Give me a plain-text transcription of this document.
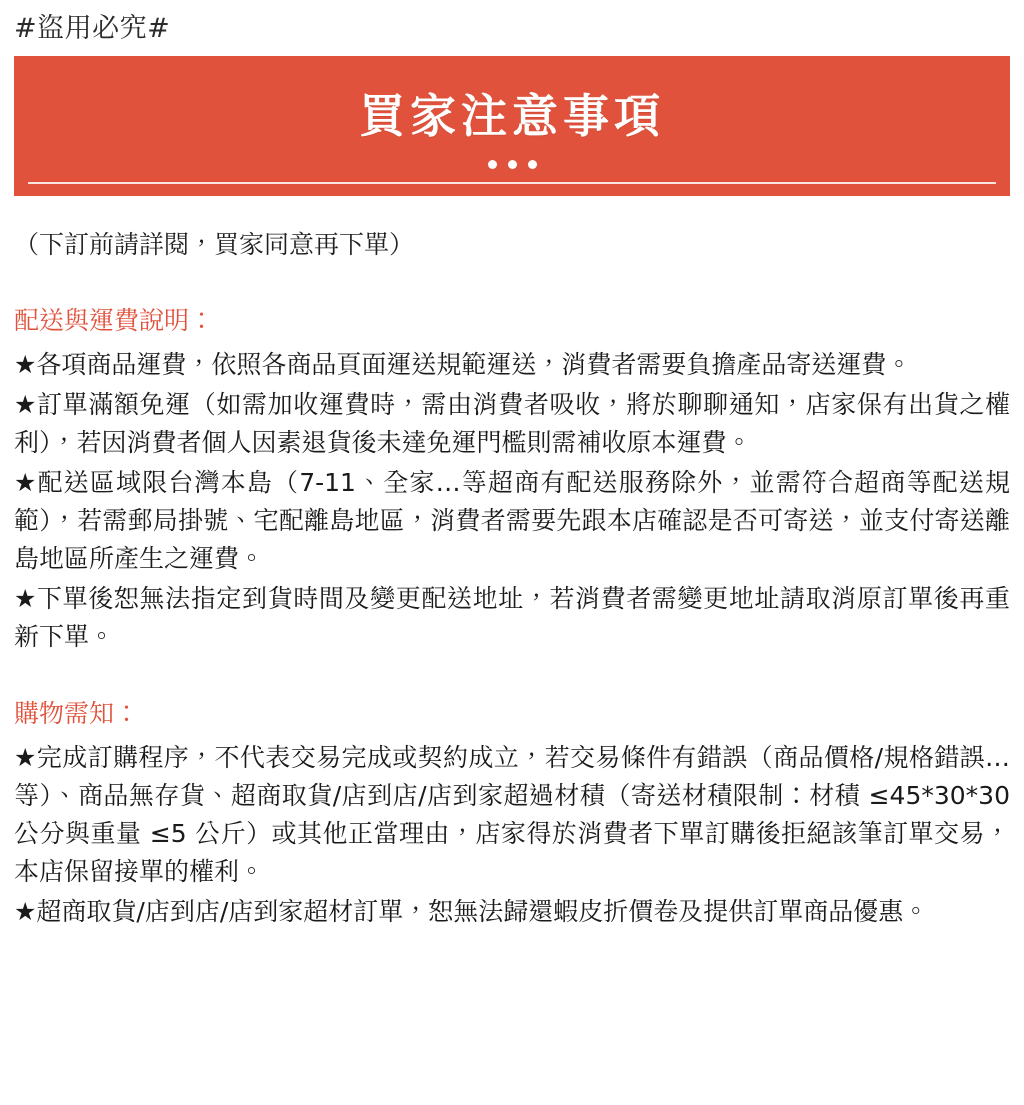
#盜用必究#
買家注意事項
（下訂前請詳閱，買家同意再下單）
配送與運費說明：

★各項商品運費，依照各商品頁面運送規範運送，消費者需要負擔產品寄送運費。

★訂單滿額免運（如需加收運費時，需由消費者吸收，將於聊聊通知，店家保有出貨之權利），若因消費者個人因素退貨後未達免運門檻則需補收原本運費。

★配送區域限台灣本島（7-11、全家…等超商有配送服務除外，並需符合超商等配送規範），若需郵局掛號、宅配離島地區，消費者需要先跟本店確認是否可寄送，並支付寄送離島地區所產生之運費。

★下單後恕無法指定到貨時間及變更配送地址，若消費者需變更地址請取消原訂單後再重新下單。

購物需知：

★完成訂購程序，不代表交易完成或契約成立，若交易條件有錯誤（商品價格/規格錯誤…等）、商品無存貨、超商取貨/店到店/店到家超過材積（寄送材積限制：材積 ≤45*30*30 公分與重量 ≤5 公斤）或其他正當理由，店家得於消費者下單訂購後拒絕該筆訂單交易，本店保留接單的權利。

★超商取貨/店到店/店到家超材訂單，恕無法歸還蝦皮折價卷及提供訂單商品優惠。
